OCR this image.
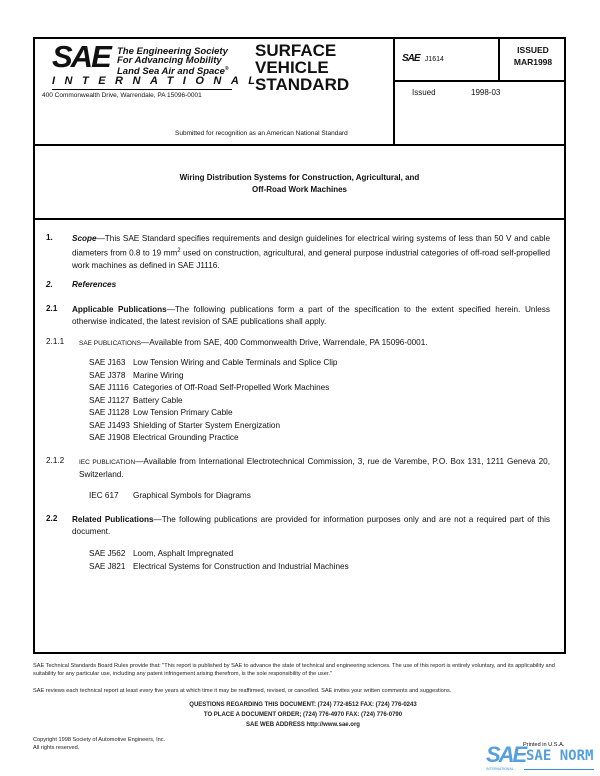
SAE The Engineering Society
For Advancing Mobility
Land Sea Air and Space®
INTERNATIONAL
400 Commonwealth Drive, Warrendale, PA 15096-0001
SURFACE
VEHICLE
STANDARD
SAE J1614
ISSUED
MAR1998
Issued	1998-03
Submitted for recognition as an American National Standard
Wiring Distribution Systems for Construction, Agricultural, and
Off-Road Work Machines
1. Scope—This SAE Standard specifies requirements and design guidelines for electrical wiring systems of less than 50 V and cable diameters from 0.8 to 19 $mm^2$ used on construction, agricultural, and general purpose industrial categories of off-road self-propelled work machines as defined in SAE J1116.
2. References
2.1 Applicable Publications—The following publications form a part of the specification to the extent specified herein. Unless otherwise indicated, the latest revision of SAE publications shall apply.
2.1.1 SAE PUBLICATIONS—Available from SAE, 400 Commonwealth Drive, Warrendale, PA 15096-0001.
SAE J163 Low Tension Wiring and Cable Terminals and Splice Clip
SAE J378 Marine Wiring
SAE J1116 Categories of Off-Road Self-Propelled Work Machines
SAE J1127 Battery Cable
SAE J1128 Low Tension Primary Cable
SAE J1493 Shielding of Starter System Energization
SAE J1908 Electrical Grounding Practice
2.1.2 IEC PUBLICATION—Available from International Electrotechnical Commission, 3, rue de Varembe, P.O. Box 131, 1211 Geneva 20, Switzerland.
IEC 617 Graphical Symbols for Diagrams
2.2 Related Publications—The following publications are provided for information purposes only and are not a required part of this document.
SAE J562 Loom, Asphalt Impregnated
SAE J821 Electrical Systems for Construction and Industrial Machines
SAE Technical Standards Board Rules provide that: "This report is published by SAE to advance the state of technical and engineering sciences. The use of this report is entirely voluntary, and its applicability and suitability for any particular use, including any patent infringement arising therefrom, is the sole responsibility of the user."
SAE reviews each technical report at least every five years at which time it may be reaffirmed, revised, or cancelled. SAE invites your written comments and suggestions.
QUESTIONS REGARDING THIS DOCUMENT: (724) 772-8512 FAX: (724) 776-0243
TO PLACE A DOCUMENT ORDER; (724) 776-4970 FAX: (724) 776-0790
SAE WEB ADDRESS http://www.sae.org
Copyright 1998 Society of Automotive Engineers, Inc.
All rights reserved.	Printed in U.S.A.
SAE SAE NORM
INTERNATIONAL
